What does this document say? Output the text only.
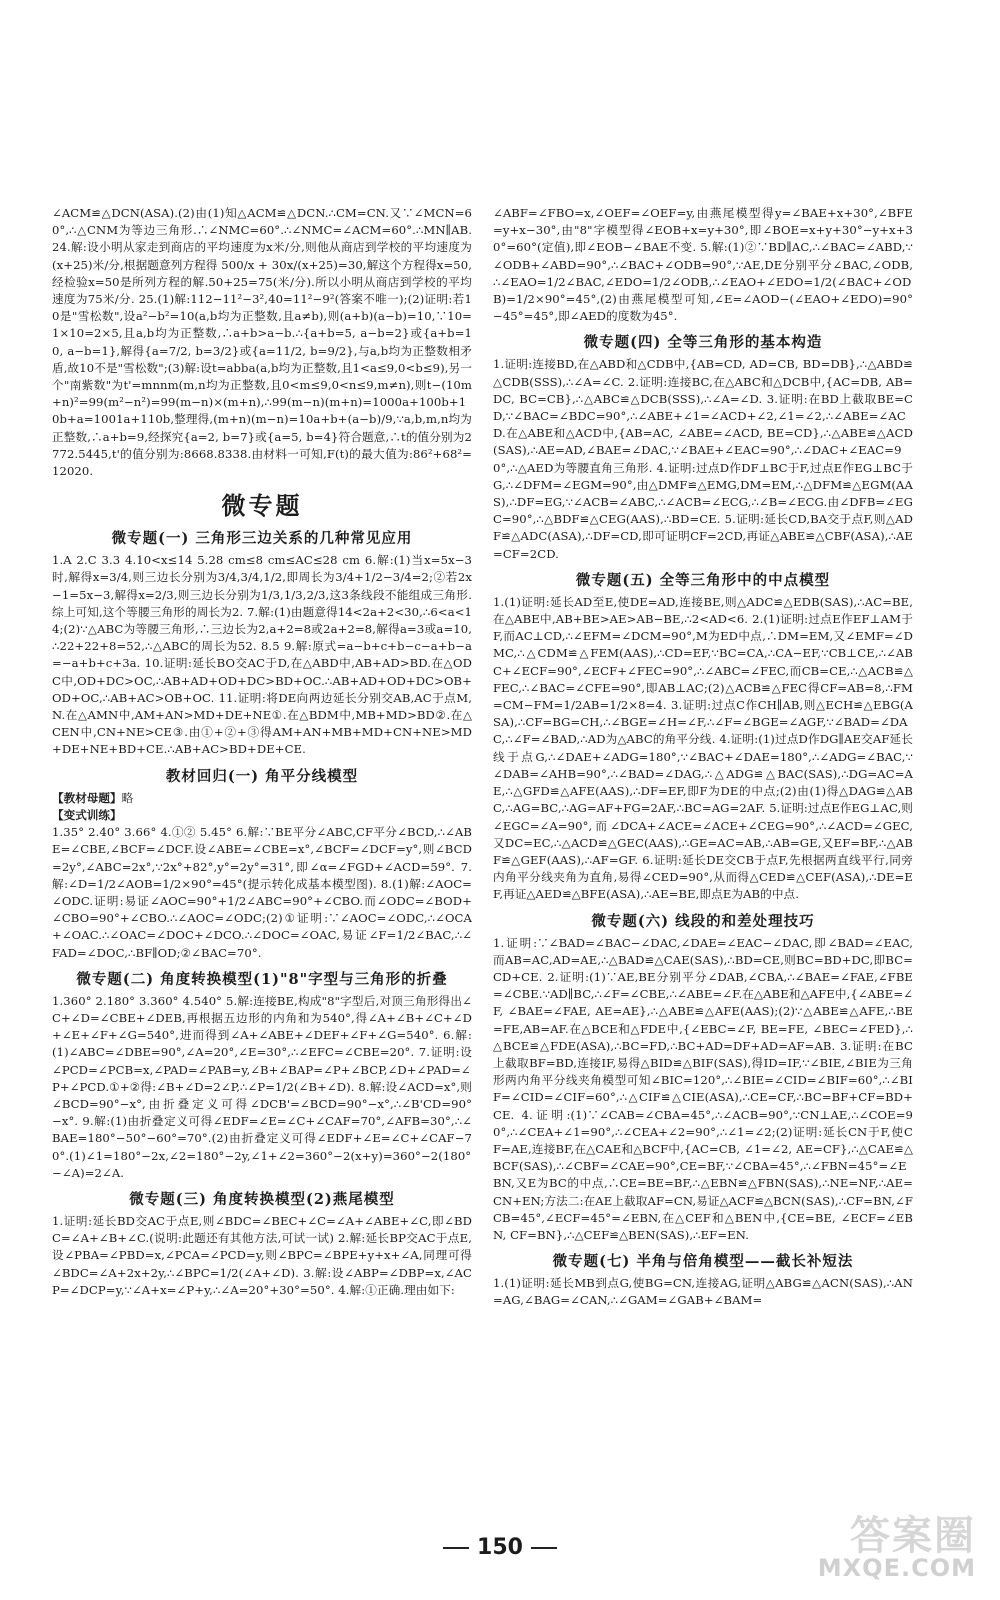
∠ACM≌△DCN(ASA).(2)由(1)知△ACM≌△DCN.∴CM=CN.又∵∠MCN=60°,∴△CNM为等边三角形.∴∠NMC=60°.∴∠NMC=∠ACM=60°.∴MN∥AB. 24.解:设小明从家走到商店的平均速度为x米/分,则他从商店到学校的平均速度为(x+25)米/分,根据题意列方程得 500/x + 30x/(x+25)=30,解这个方程得x=50,经检验x=50是所列方程的解.50+25=75(米/分).所以小明从商店到学校的平均速度为75米/分. 25.(1)解:112−11²−3²,40=11²−9²(答案不唯一);(2)证明:若10是"雪松数",设a²−b²=10(a,b均为正整数,且a≠b),则(a+b)(a−b)=10,∵10=1×10=2×5,且a,b均为正整数,∴a+b>a−b.∴{a+b=5, a−b=2}或{a+b=10, a−b=1},解得{a=7/2, b=3/2}或{a=11/2, b=9/2},与a,b均为正整数相矛盾,故10不是"雪松数";(3)解:设t=abba(a,b均为正整数,且1<a≤9,0<b≤9),另一个"南紫数"为t'=mnnm(m,n均为正整数,且0<m≤9,0<n≤9,m≠n),则t−(10m+n)²=99(m²−n²)=99(m−n)×(m+n),∴99(m−n)(m+n)=1000a+100b+10b+a=1001a+110b,整理得,(m+n)(m−n)=10a+b+(a−b)/9,∵a,b,m,n均为正整数,∴a+b=9,经探究{a=2, b=7}或{a=5, b=4}符合题意,∴t的值分别为2772.5445,t'的值分别为:8668.8338.由材料一可知,F(t)的最大值为:86²+68²=12020.

微专题
微专题(一) 三角形三边关系的几种常见应用

1.A 2.C 3.3 4.10<x≤14 5.28 cm≤8 cm≤AC≤28 cm 6.解:(1)当x=5x−3时,解得x=3/4,则三边长分别为3/4,3/4,1/2,即周长为3/4+1/2−3/4=2;②若2x−1=5x−3,解得x=2/3,则三边长分别为1/3,1/3,2/3,这3条线段不能组成三角形.综上可知,这个等腰三角形的周长为2. 7.解:(1)由题意得14<2a+2<30,∴6<a<14;(2)∵△ABC为等腰三角形,∴三边长为2,a+2=8或2a+2=8,解得a=3或a=10,∴22+22+8=52,∴△ABC的周长为52. 8.5 9.解:原式=a−b+c+b−c−a+b−a=−a+b+c+3a. 10.证明:延长BO交AC于D,在△ABD中,AB+AD>BD.在△ODC中,OD+DC>OC,∴AB+AD+OD+DC>BD+OC.∴AB+AD+OD+DC>OB+OD+OC,∴AB+AC>OB+OC. 11.证明:将DE向两边延长分别交AB,AC于点M,N.在△AMN中,AM+AN>MD+DE+NE①.在△BDM中,MB+MD>BD②.在△CEN中,CN+NE>CE③.由①+②+③得AM+AN+MB+MD+CN+NE>MD+DE+NE+BD+CE.∴AB+AC>BD+DE+CE.

教材回归(一) 角平分线模型
【教材母题】略
【变式训练】

1.35° 2.40° 3.66° 4.①② 5.45° 6.解:∵BE平分∠ABC,CF平分∠BCD,∴∠ABE=∠CBE,∠BCF=∠DCF.设∠ABE=∠CBE=x°,∠BCF=∠DCF=y°,则∠BCD=2y°,∠ABC=2x°,∵2x°+82°,y°=2y°=31°,即∠α=∠FGD+∠ACD=59°. 7.解:∠D=1/2∠AOB=1/2×90°=45°(提示转化成基本模型图). 8.(1)解:∠AOC=∠ODC.证明:易证∠AOC=90°+1/2∠ABC=90°+∠CBO.而∠ODC=∠BOD+∠CBO=90°+∠CBO.∴∠AOC=∠ODC;(2)①证明:∵∠AOC=∠ODC,∴∠OCA+∠OAC.∴∠OAC=∠DOC+∠DCO.∴∠DOC=∠OAC,易证∠F=1/2∠BAC,∴∠FAD=∠DOC,∴BF∥OD;②∠BAC=70°.

微专题(二) 角度转换模型(1)"8"字型与三角形的折叠

1.360° 2.180° 3.360° 4.540° 5.解:连接BE,构成"8"字型后,对顶三角形得出∠C+∠D=∠CBE+∠DEB,再根据五边形的内角和为540°,得∠A+∠B+∠C+∠D+∠E+∠F+∠G=540°,进而得到∠A+∠ABE+∠DEF+∠F+∠G=540°. 6.解:(1)∠ABC=∠DBE=90°,∠A=20°,∠E=30°,∴∠EFC=∠CBE=20°. 7.证明:设∠PCD=∠PCB=x,∠PAD=∠PAB=y,∠B+∠BAP=∠P+∠BCP,∠D+∠PAD=∠P+∠PCD.①+②得:∠B+∠D=2∠P,∴∠P=1/2(∠B+∠D). 8.解:设∠ACD=x°,则∠BCD=90°−x°,由折叠定义可得∠DCB'=∠BCD=90°−x°,∴∠B'CD=90°−x°. 9.解:(1)由折叠定义可得∠EDF=∠E=∠C+∠CAF=70°,∠AFB=30°,∴∠BAE=180°−50°−60°=70°.(2)由折叠定义可得∠EDF+∠E=∠C+∠CAF−70°.(1)∠1=180°−2x,∠2=180°−2y,∠1+∠2=360°−2(x+y)=360°−2(180°−∠A)=2∠A.

微专题(三) 角度转换模型(2)燕尾模型

1.证明:延长BD交AC于点E,则∠BDC=∠BEC+∠C=∠A+∠ABE+∠C,即∠BDC=∠A+∠B+∠C.(说明:此题还有其他方法,可试一试) 2.解:延长BP交AC于点E,设∠PBA=∠PBD=x,∠PCA=∠PCD=y,则∠BPC=∠BPE+y+x+∠A,同理可得∠BDC=∠A+2x+2y,∴∠BPC=1/2(∠A+∠D). 3.解:设∠ABP=∠DBP=x,∠ACP=∠DCP=y,∵∠A+x=∠P+y,∴∠A=20°+30°=50°. 4.解:①正确.理由如下:

∠ABF=∠FBO=x,∠OEF=∠OEF=y,由燕尾模型得y=∠BAE+x+30°,∠BFE=y+x−30°,由"8"字模型得∠EOB+x=y+30°,即∠BOE=x+y+30°−y+x+30°=60°(定值),即∠EOB−∠BAE不变. 5.解:(1)②∵BD∥AC,∴∠BAC=∠ABD,∵∠ODB+∠ABD=90°,∴∠BAC+∠ODB=90°,∵AE,DE分别平分∠BAC,∠ODB,∴∠EAO=1/2∠BAC,∠EDO=1/2∠ODB,∴∠EAO+∠EDO=1/2(∠BAC+∠ODB)=1/2×90°=45°,(2)由燕尾模型可知,∠E=∠AOD−(∠EAO+∠EDO)=90°−45°=45°,即∠AED的度数为45°.

微专题(四) 全等三角形的基本构造

1.证明:连接BD,在△ABD和△CDB中,{AB=CD, AD=CB, BD=DB},∴△ABD≌△CDB(SSS),∴∠A=∠C. 2.证明:连接BC,在△ABC和△DCB中,{AC=DB, AB=DC, BC=CB},∴△ABC≌△DCB(SSS),∴∠A=∠D. 3.证明:在BD上截取BE=CD,∵∠BAC=∠BDC=90°,∴∠ABE+∠1=∠ACD+∠2,∠1=∠2,∴∠ABE=∠ACD.在△ABE和△ACD中,{AB=AC, ∠ABE=∠ACD, BE=CD},∴△ABE≌△ACD(SAS),∴AE=AD,∠BAE=∠DAC,∵∠BAE+∠EAC=90°,∴∠DAC+∠EAC=90°,∴△AED为等腰直角三角形. 4.证明:过点D作DF⊥BC于F,过点E作EG⊥BC于G,∴∠DFM=∠EGM=90°,由△DMF≌△EMG,DM=EM,∴△DFM≌△EGM(AAS),∴DF=EG,∵∠ACB=∠ABC,∴∠ACB=∠ECG,∴∠B=∠ECG.由∠DFB=∠EGC=90°,∴△BDF≌△CEG(AAS),∴BD=CE. 5.证明:延长CD,BA交于点F,则△ADF≌△ADC(ASA),∴DF=CD,即可证明CF=2CD,再证△ABE≌△CBF(ASA),∴AE=CF=2CD.

微专题(五) 全等三角形中的中点模型

1.(1)证明:延长AD至E,使DE=AD,连接BE,则△ADC≌△EDB(SAS),∴AC=BE,在△ABE中,AB+BE>AE>AB−BE,∴2<AD<6. 2.(1)证明:过点E作EF⊥AM于F,而AC⊥CD,∴∠EFM=∠DCM=90°,M为ED中点,∴DM=EM,又∠EMF=∠DMC,∴△CDM≌△FEM(AAS),∴CD=EF,∵BC=CA,∴CA−EF,∵CB⊥CE,∴∠ABC+∠ECF=90°,∠ECF+∠FEC=90°,∴∠ABC=∠FEC,而CB=CE,∴△ACB≌△FEC,∴∠BAC=∠CFE=90°,即AB⊥AC;(2)△ACB≌△FEC得CF=AB=8,∴FM=CM−FM=1/2AB=1/2×8=4. 3.证明:过点C作CH∥AB,则△ECH≌△EBG(ASA),∴CF=BG=CH,∴∠BGE=∠H=∠F,∴∠F=∠BGE=∠AGF,∵∠BAD=∠DAC,∴∠F=∠BAD,∴AD为△ABC的角平分线. 4.证明:(1)过点D作DG∥AE交AF延长线于点G,∴∠DAE+∠ADG=180°,∵∠BAC+∠DAE=180°,∴∠ADG=∠BAC,∵∠DAB=∠AHB=90°,∴∠BAD=∠DAG,∴△ADG≌△BAC(SAS),∴DG=AC=AE,∴△GFD≌△AFE(AAS),∴DF=EF,即F为DE的中点;(2)由(1)得△DAG≌△ABC,∴AG=BC,∴AG=AF+FG=2AF,∴BC=AG=2AF. 5.证明:过点E作EG⊥AC,则∠EGC=∠A=90°,而∠DCA+∠ACE=∠ACE+∠CEG=90°,∴∠ACD=∠GEC,又DC=EC,∴△ACD≌△GEC(AAS),∴GE=AC=AB,∴AB=GE,又EF=BF,∴△ABF≌△GEF(AAS),∴AF=GF. 6.证明:延长DE交CB于点F,先根据两直线平行,同旁内角平分线夹角为直角,易得∠CED=90°,从而得△CED≌△CEF(ASA),∴DE=EF,再证△AED≌△BFE(ASA),∴AE=BE,即点E为AB的中点.

微专题(六) 线段的和差处理技巧

1.证明:∵∠BAD=∠BAC−∠DAC,∠DAE=∠EAC−∠DAC,即∠BAD=∠EAC,而AB=AC,AD=AE,∴△BAD≌△CAE(SAS),∴BD=CE,则BC=BD+DC,即BC=CD+CE. 2.证明:(1)∵AE,BE分别平分∠DAB,∠CBA,∴∠BAE=∠FAE,∠FBE=∠CBE.∵AD∥BC,∴∠F=∠CBE,∴∠ABE=∠F.在△ABE和△AFE中,{∠ABE=∠F, ∠BAE=∠FAE, AE=AE},∴△ABE≌△AFE(AAS);(2)∵△ABE≌△AFE,∴BE=FE,AB=AF.在△BCE和△FDE中,{∠EBC=∠F, BE=FE, ∠BEC=∠FED},∴△BCE≌△FDE(ASA),∴BC=FD,∴BC+AD=DF+AD=AF=AB. 3.证明:在BC上截取BF=BD,连接IF,易得△BID≌△BIF(SAS),得ID=IF,∵∠BIE,∠BIE为三角形两内角平分线夹角模型可知∠BIC=120°,∴∠BIE=∠CID=∠BIF=60°,∴∠BIF=∠CID=∠CIF=60°,∴△CIF≌△CIE(ASA),∴CE=CF,∴BC=BF+CF=BD+CE. 4.证明:(1)∵∠CAB=∠CBA=45°,∴∠ACB=90°,∵CN⊥AE,∴∠COE=90°,∴∠CEA+∠1=90°,∴∠CEA+∠2=90°,∴∠1=∠2;(2)证明:延长CN于F,使CF=AE,连接BF,在△CAE和△BCF中,{AC=CB, ∠1=∠2, AE=CF},∴△CAE≌△BCF(SAS),∴∠CBF=∠CAE=90°,CE=BF,∵∠CBA=45°,∴∠FBN=45°=∠EBN,又E为BC的中点,∴CE=BE=BF,∴△EBN≌△FBN(SAS),∴NE=NF,∴AE=CN+EN;方法二:在AE上截取AF=CN,易证△ACF≌△BCN(SAS),∴CF=BN,∠FCB=45°,∠ECF=45°=∠EBN,在△CEF和△BEN中,{CE=BE, ∠ECF=∠EBN, CF=BN},∴△CEF≌△BEN(SAS),∴EF=EN.

微专题(七) 半角与倍角模型——截长补短法

1.(1)证明:延长MB到点G,使BG=CN,连接AG,证明△ABG≌△ACN(SAS),∴AN=AG,∠BAG=∠CAN,∴∠GAM=∠GAB+∠BAM=

150	答案圈
MXQE.COM
